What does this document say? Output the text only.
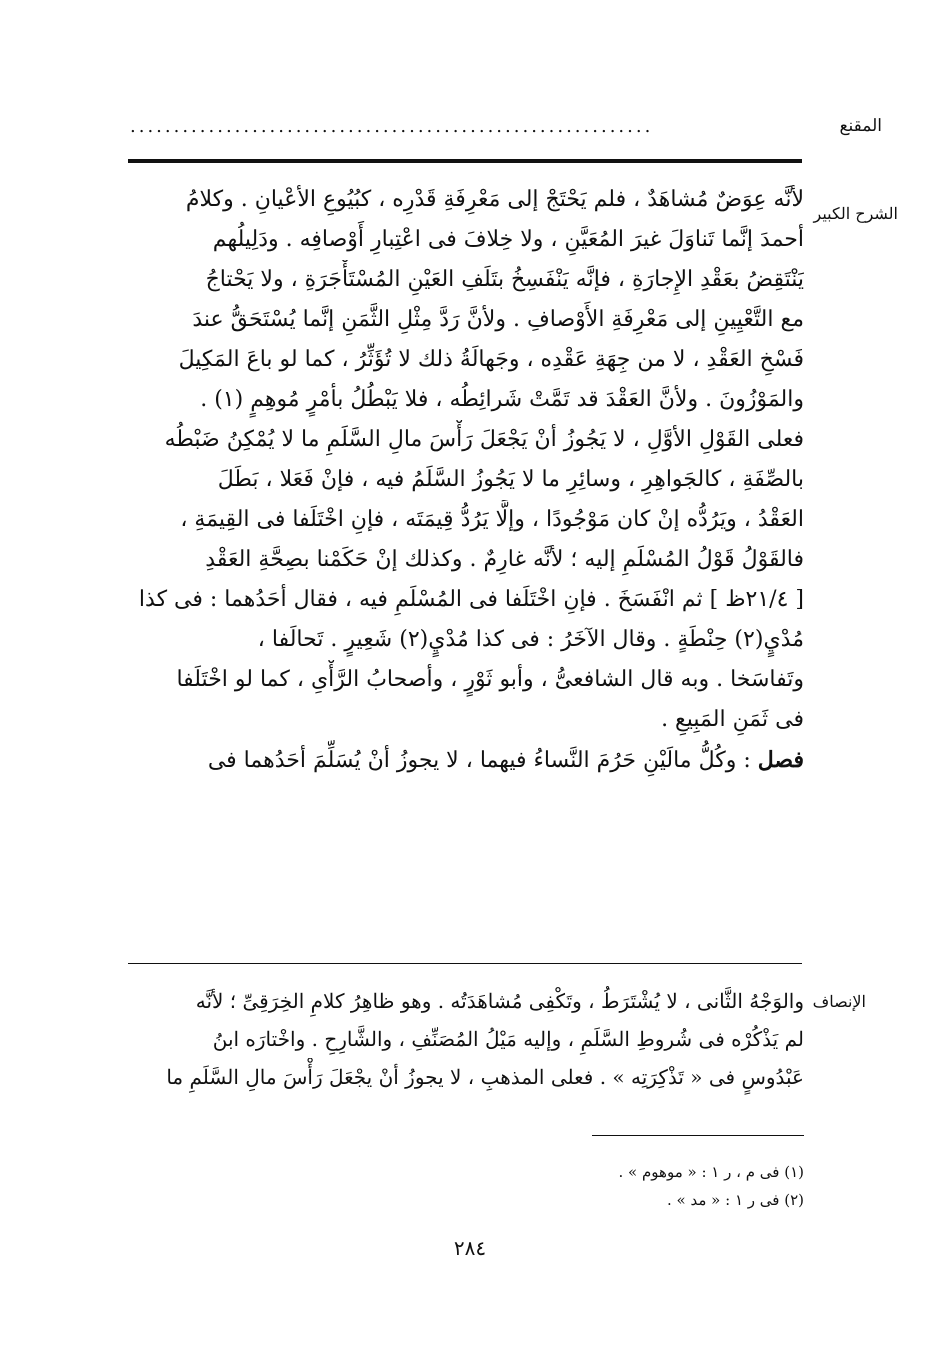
المقنع
............................................................
الشرح الكبير
لأنَّه عِوَضٌ مُشاهَدٌ ، فلم يَحْتَجْ إلى مَعْرِفَةِ قَدْرِه ، كبُيُوعِ الأعْيانِ . وكلامُ
أحمدَ إنَّما تَناوَلَ غيرَ المُعَيَّنِ ، ولا خِلافَ فى اعْتِبارِ أَوْصافِه . ودَلِيلُهم
يَنْتَقِضُ بعَقْدِ الإِجارَةِ ، فإنَّه يَنْفَسِخُ بتَلَفِ العَيْنِ المُسْتَأْجَرَةِ ، ولا يَحْتاجُ
مع التَّعْيِينِ إلى مَعْرِفَةِ الأَوْصافِ . ولأنَّ رَدَّ مِثْلِ الثَّمَنِ إنَّما يُسْتَحَقُّ عندَ
فَسْخِ العَقْدِ ، لا من جِهَةِ عَقْدِه ، وجَهالَةُ ذلك لا تُؤَثِّرُ ، كما لو باعَ المَكِيلَ
والمَوْزُونَ . ولأنَّ العَقْدَ قد تَمَّتْ شَرائِطُه ، فلا يَبْطُلُ بأمْرٍ مُوهِمٍ (١) .
فعلى القَوْلِ الأوَّلِ ، لا يَجُوزُ أنْ يَجْعَلَ رَأْسَ مالِ السَّلَمِ ما لا يُمْكِنُ ضَبْطُه
بالصِّفَةِ ، كالجَواهِرِ ، وسائِرِ ما لا يَجُوزُ السَّلَمُ فيه ، فإنْ فَعَلا ، بَطَلَ
العَقْدُ ، ويَرُدُّه إنْ كان مَوْجُودًا ، وإلَّا يَرُدُّ قِيمَتَه ، فإنِ اخْتَلَفا فى القِيمَةِ ،
فالقَوْلُ قَوْلُ المُسْلَمِ إليه ؛ لأنَّه غارِمٌ . وكذلك إنْ حَكَمْنا بصِحَّةِ العَقْدِ
[ ٢١/٤ظ ] ثم انْفَسَخَ . فإنِ اخْتَلَفا فى المُسْلَمِ فيه ، فقال أحَدُهما : فى كذا
مُدْيٍ(٢) حِنْطَةٍ . وقال الآخَرُ : فى كذا مُدْيٍ(٢) شَعِيرٍ . تَحالَفا ،
وتَفاسَخا . وبه قال الشافعىُّ ، وأبو ثَوْرٍ ، وأصحابُ الرَّأْىِ ، كما لو اخْتَلَفا
فى ثَمَنِ المَبِيعِ .
فصل : وكُلُّ مالَيْنِ حَرُمَ النَّساءُ فيهما ، لا يجوزُ أنْ يُسَلِّمَ أحَدُهما فى
الإنصاف
والوَجْهُ الثَّانى ، لا يُشْتَرَطُ ، وتَكْفِى مُشاهَدَتُه . وهو ظاهِرُ كلامِ الخِرَقِىِّ ؛ لأنَّه
لم يَذْكُرْه فى شُروطِ السَّلَمِ ، وإليه مَيْلُ المُصَنِّفِ ، والشَّارِحِ . واخْتارَه ابنُ
عَبْدُوسٍ فى « تَذْكِرَتِه » . فعلى المذهبِ ، لا يجوزُ أنْ يجْعَلَ رَأْسَ مالِ السَّلَمِ ما
(١) فى م ، ر ١ : « موهوم » .
(٢) فى ر ١ : « مد » .
٢٨٤
